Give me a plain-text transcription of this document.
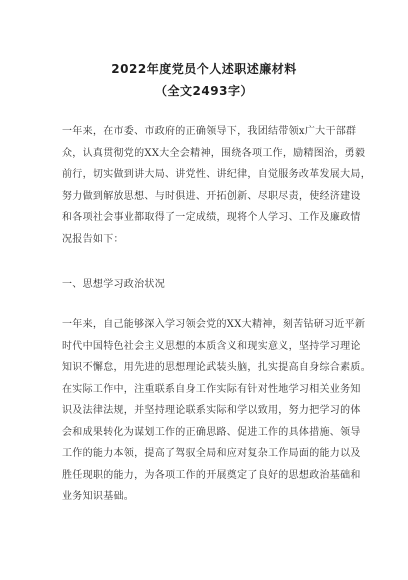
2022年度党员个人述职述廉材料
（全文2493字）
一年来，在市委、市政府的正确领导下，我团结带领x广大干部群
众，认真贯彻党的XX大全会精神，围绕各项工作，励精图治，勇毅
前行，切实做到讲大局、讲党性、讲纪律，自觉服务改革发展大局，
努力做到解放思想、与时俱进、开拓创新、尽职尽责，使经济建设
和各项社会事业都取得了一定成绩，现将个人学习、工作及廉政情
况报告如下：
一、思想学习政治状况
一年来，自己能够深入学习领会党的XX大精神，刻苦钻研习近平新
时代中国特色社会主义思想的本质含义和现实意义，坚持学习理论
知识不懈怠，用先进的思想理论武装头脑，扎实提高自身综合素质。
在实际工作中，注重联系自身工作实际有针对性地学习相关业务知
识及法律法规，并坚持理论联系实际和学以致用，努力把学习的体
会和成果转化为谋划工作的正确思路、促进工作的具体措施、领导
工作的能力本领，提高了驾驭全局和应对复杂工作局面的能力以及
胜任现职的能力，为各项工作的开展奠定了良好的思想政治基础和
业务知识基础。
